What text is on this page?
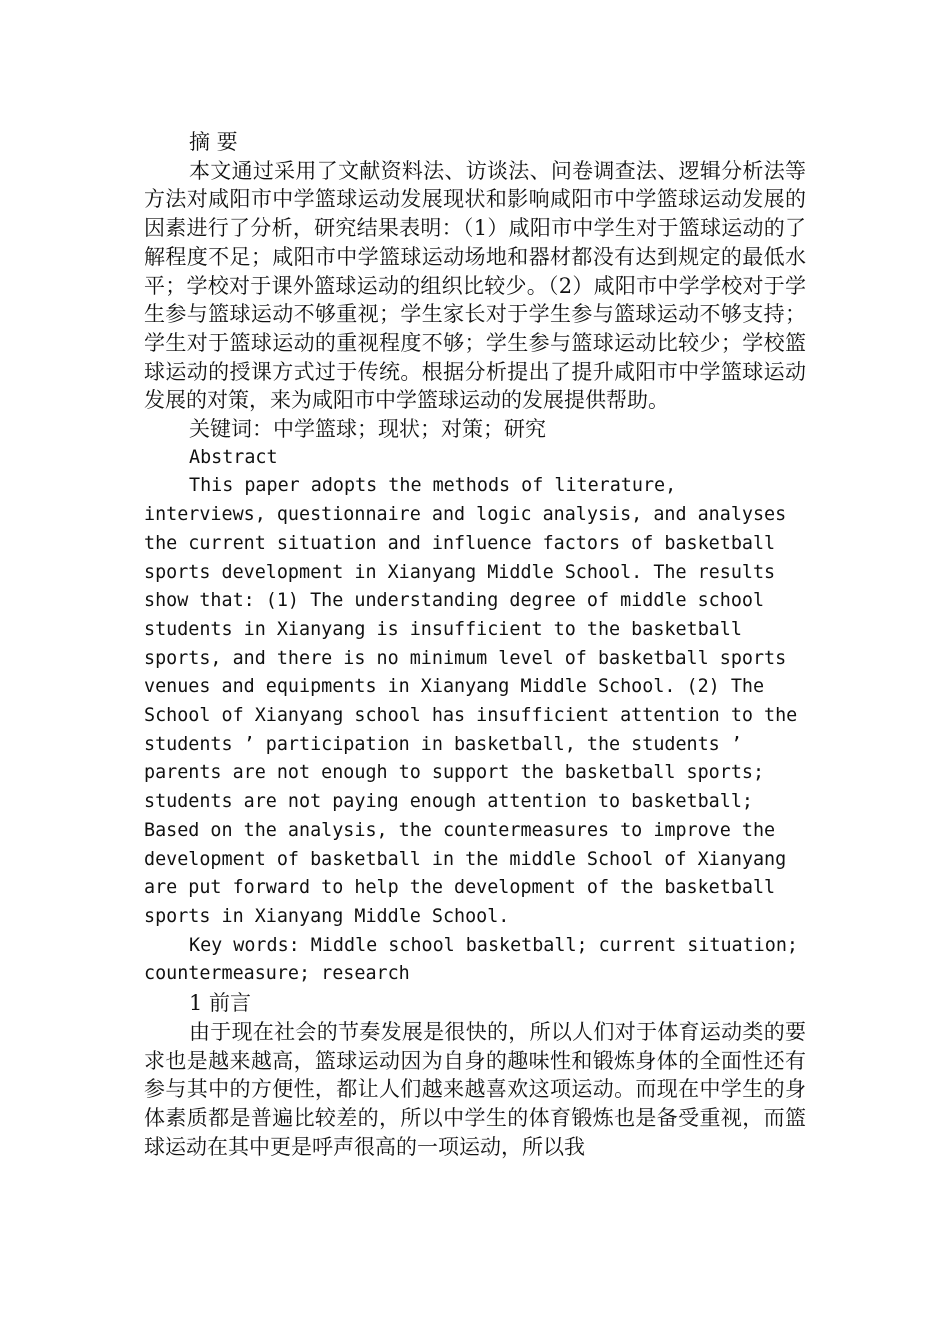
摘 要

本文通过采用了文献资料法、访谈法、问卷调查法、逻辑分析法等方法对咸阳市中学篮球运动发展现状和影响咸阳市中学篮球运动发展的因素进行了分析，研究结果表明：（1）咸阳市中学生对于篮球运动的了解程度不足；咸阳市中学篮球运动场地和器材都没有达到规定的最低水平；学校对于课外篮球运动的组织比较少。（2）咸阳市中学学校对于学生参与篮球运动不够重视；学生家长对于学生参与篮球运动不够支持；学生对于篮球运动的重视程度不够；学生参与篮球运动比较少；学校篮球运动的授课方式过于传统。根据分析提出了提升咸阳市中学篮球运动发展的对策，来为咸阳市中学篮球运动的发展提供帮助。

关键词：中学篮球；现状；对策；研究

Abstract

This paper adopts the methods of literature, interviews, questionnaire and logic analysis, and analyses the current situation and influence factors of basketball sports development in Xianyang Middle School. The results show that: (1) The understanding degree of middle school students in Xianyang is insufficient to the basketball sports, and there is no minimum level of basketball sports venues and equipments in Xianyang Middle School. (2) The School of Xianyang school has insufficient attention to the students ’ participation in basketball, the students ’ parents are not enough to support the basketball sports; students are not paying enough attention to basketball; Based on the analysis, the countermeasures to improve the development of basketball in the middle School of Xianyang are put forward to help the development of the basketball sports in Xianyang Middle School.

Key words: Middle school basketball; current situation; countermeasure; research

1 前言

由于现在社会的节奏发展是很快的，所以人们对于体育运动类的要求也是越来越高，篮球运动因为自身的趣味性和锻炼身体的全面性还有参与其中的方便性，都让人们越来越喜欢这项运动。而现在中学生的身体素质都是普遍比较差的，所以中学生的体育锻炼也是备受重视，而篮球运动在其中更是呼声很高的一项运动，所以我
